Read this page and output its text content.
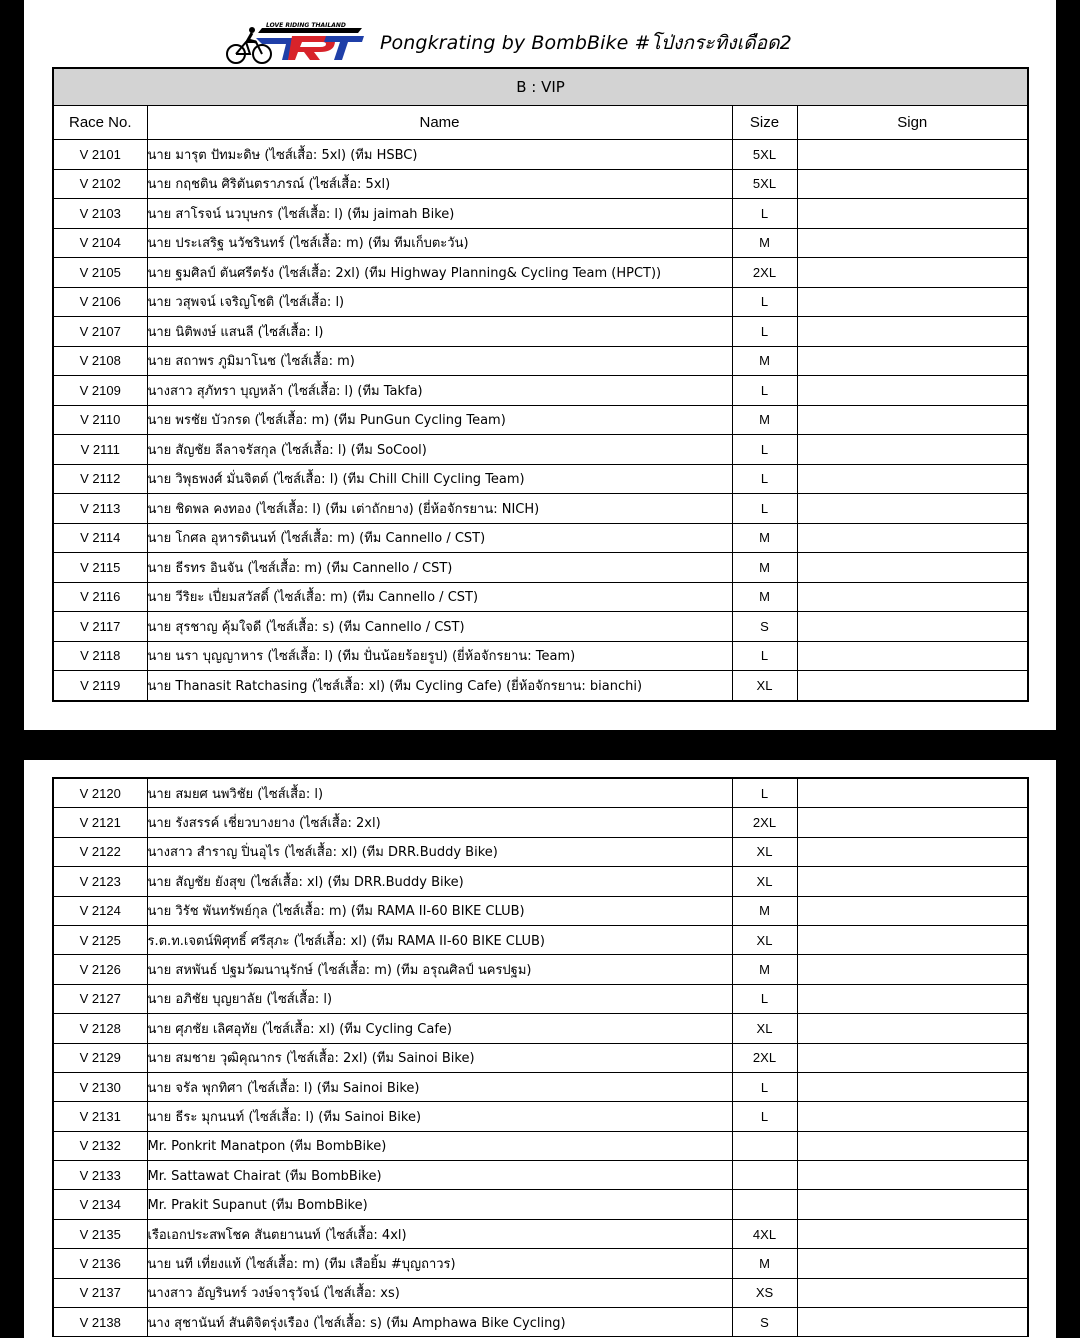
LOVE RIDING THAILAND
Pongkrating by BombBike #โป่งกระทิงเดือด2
B : VIP			
Race No.	Name	Size	Sign
V 2101	นาย มารุต ปัทมะดิษ (ไซส์เสื้อ: 5xl) (ทีม HSBC)	5XL	
V 2102	นาย กฤชติน ศิริตันตราภรณ์ (ไซส์เสื้อ: 5xl)	5XL	
V 2103	นาย สาโรจน์ นวบุษกร (ไซส์เสื้อ: l) (ทีม jaimah Bike)	L	
V 2104	นาย ประเสริฐ นวัชรินทร์ (ไซส์เสื้อ: m) (ทีม ทีมเก็บตะวัน)	M	
V 2105	นาย ฐมศิลป์ ตันศรีตรัง (ไซส์เสื้อ: 2xl) (ทีม Highway Planning& Cycling Team (HPCT))	2XL	
V 2106	นาย วสุพจน์ เจริญโชติ (ไซส์เสื้อ: l)	L	
V 2107	นาย นิติพงษ์ แสนลี (ไซส์เสื้อ: l)	L	
V 2108	นาย สถาพร ภูมิมาโนช (ไซส์เสื้อ: m)	M	
V 2109	นางสาว สุภัทรา บุญหล้า (ไซส์เสื้อ: l) (ทีม Takfa)	L	
V 2110	นาย พรชัย บัวกรด (ไซส์เสื้อ: m) (ทีม PunGun Cycling Team)	M	
V 2111	นาย สัญชัย ลีลาจรัสกุล (ไซส์เสื้อ: l) (ทีม SoCool)	L	
V 2112	นาย วิพุธพงศ์ มั่นจิตต์ (ไซส์เสื้อ: l) (ทีม Chill Chill Cycling Team)	L	
V 2113	นาย ชิดพล คงทอง (ไซส์เสื้อ: l) (ทีม เต่าถักยาง) (ยี่ห้อจักรยาน: NICH)	L	
V 2114	นาย โกศล อุหารดินนท์ (ไซส์เสื้อ: m) (ทีม Cannello / CST)	M	
V 2115	นาย ธีรทร อินจัน (ไซส์เสื้อ: m) (ทีม Cannello / CST)	M	
V 2116	นาย วีริยะ เปี่ยมสวัสดิ์ (ไซส์เสื้อ: m) (ทีม Cannello / CST)	M	
V 2117	นาย สุรชาญ คุ้มใจดี (ไซส์เสื้อ: s) (ทีม Cannello / CST)	S	
V 2118	นาย นรา บุญญาหาร (ไซส์เสื้อ: l) (ทีม ปั่นน้อยร้อยรูป) (ยี่ห้อจักรยาน: Team)	L	
V 2119	นาย Thanasit Ratchasing (ไซส์เสื้อ: xl) (ทีม Cycling Cafe) (ยี่ห้อจักรยาน: bianchi)	XL	
V 2120	นาย สมยศ นพวิชัย (ไซส์เสื้อ: l)	L	
V 2121	นาย รังสรรค์ เชี่ยวบางยาง (ไซส์เสื้อ: 2xl)	2XL	
V 2122	นางสาว สำราญ ปิ่นอุไร (ไซส์เสื้อ: xl) (ทีม DRR.Buddy Bike)	XL	
V 2123	นาย สัญชัย ยังสุข (ไซส์เสื้อ: xl) (ทีม DRR.Buddy Bike)	XL	
V 2124	นาย วิรัช พันทรัพย์กุล (ไซส์เสื้อ: m) (ทีม RAMA II-60 BIKE CLUB)	M	
V 2125	ร.ต.ท.เจตน์พิศุทธิ์ ศรีสุภะ (ไซส์เสื้อ: xl) (ทีม RAMA II-60 BIKE CLUB)	XL	
V 2126	นาย สหพันธ์ ปฐมวัฒนานุรักษ์ (ไซส์เสื้อ: m) (ทีม อรุณศิลป์ นครปฐม)	M	
V 2127	นาย อภิชัย บุญยาลัย (ไซส์เสื้อ: l)	L	
V 2128	นาย ศุภชัย เลิศอุทัย (ไซส์เสื้อ: xl) (ทีม Cycling Cafe)	XL	
V 2129	นาย สมชาย วุฒิคุณากร (ไซส์เสื้อ: 2xl) (ทีม Sainoi Bike)	2XL	
V 2130	นาย จรัล พุกทิศา (ไซส์เสื้อ: l) (ทีม Sainoi Bike)	L	
V 2131	นาย ธีระ มุกนนท์ (ไซส์เสื้อ: l) (ทีม Sainoi Bike)	L	
V 2132	Mr. Ponkrit Manatpon (ทีม BombBike)		
V 2133	Mr. Sattawat Chairat (ทีม BombBike)		
V 2134	Mr. Prakit Supanut (ทีม BombBike)		
V 2135	เรือเอกประสพโชค สันตยานนท์ (ไซส์เสื้อ: 4xl)	4XL	
V 2136	นาย นที เที่ยงแท้ (ไซส์เสื้อ: m) (ทีม เสือยิ้ม #บุญถาวร)	M	
V 2137	นางสาว อัญรินทร์ วงษ์จารุวัจน์ (ไซส์เสื้อ: xs)	XS	
V 2138	นาง สุชานันท์ สันติจิตรุ่งเรือง (ไซส์เสื้อ: s) (ทีม Amphawa Bike Cycling)	S	
